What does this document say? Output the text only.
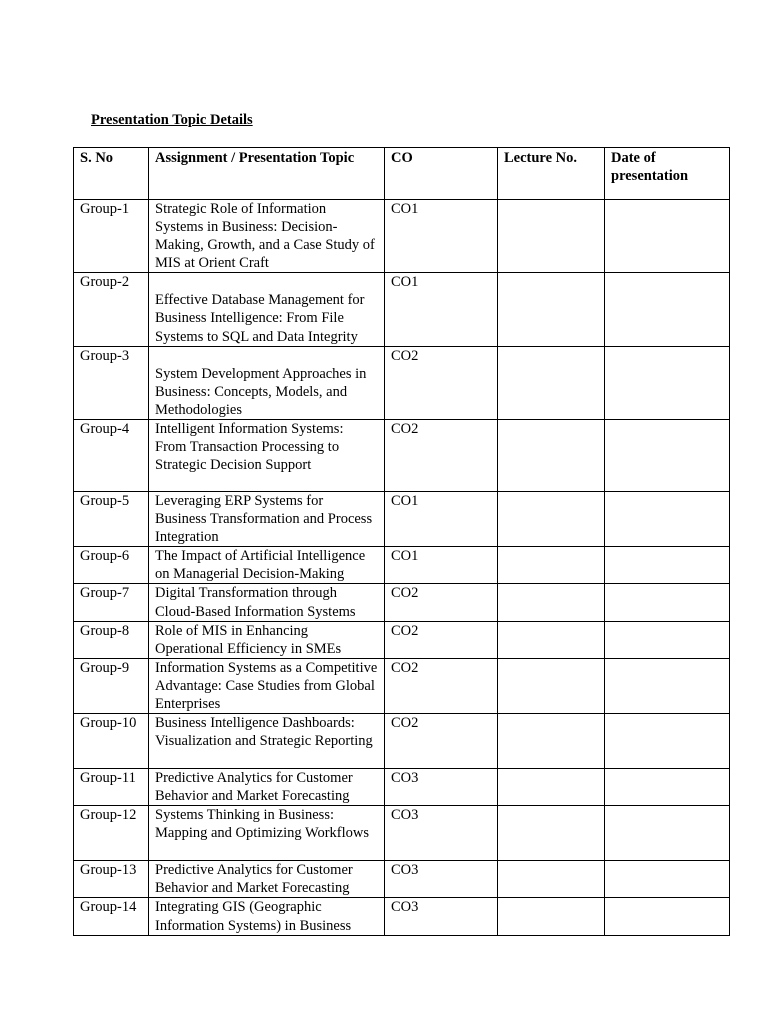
Presentation Topic Details
S. No	Assignment / Presentation Topic	CO	Lecture No.	Date of presentation
Group-1	Strategic Role of Information Systems in Business: Decision-Making, Growth, and a Case Study of MIS at Orient Craft	CO1		
Group-2	Effective Database Management for Business Intelligence: From File Systems to SQL and Data Integrity	CO1		
Group-3	System Development Approaches in Business: Concepts, Models, and Methodologies	CO2		
Group-4	Intelligent Information Systems: From Transaction Processing to Strategic Decision Support	CO2		
Group-5	Leveraging ERP Systems for Business Transformation and Process Integration	CO1		
Group-6	The Impact of Artificial Intelligence on Managerial Decision-Making	CO1		
Group-7	Digital Transformation through Cloud-Based Information Systems	CO2		
Group-8	Role of MIS in Enhancing Operational Efficiency in SMEs	CO2		
Group-9	Information Systems as a Competitive Advantage: Case Studies from Global Enterprises	CO2		
Group-10	Business Intelligence Dashboards: Visualization and Strategic Reporting	CO2		
Group-11	Predictive Analytics for Customer Behavior and Market Forecasting	CO3		
Group-12	Systems Thinking in Business: Mapping and Optimizing Workflows	CO3		
Group-13	Predictive Analytics for Customer Behavior and Market Forecasting	CO3		
Group-14	Integrating GIS (Geographic Information Systems) in Business	CO3		
